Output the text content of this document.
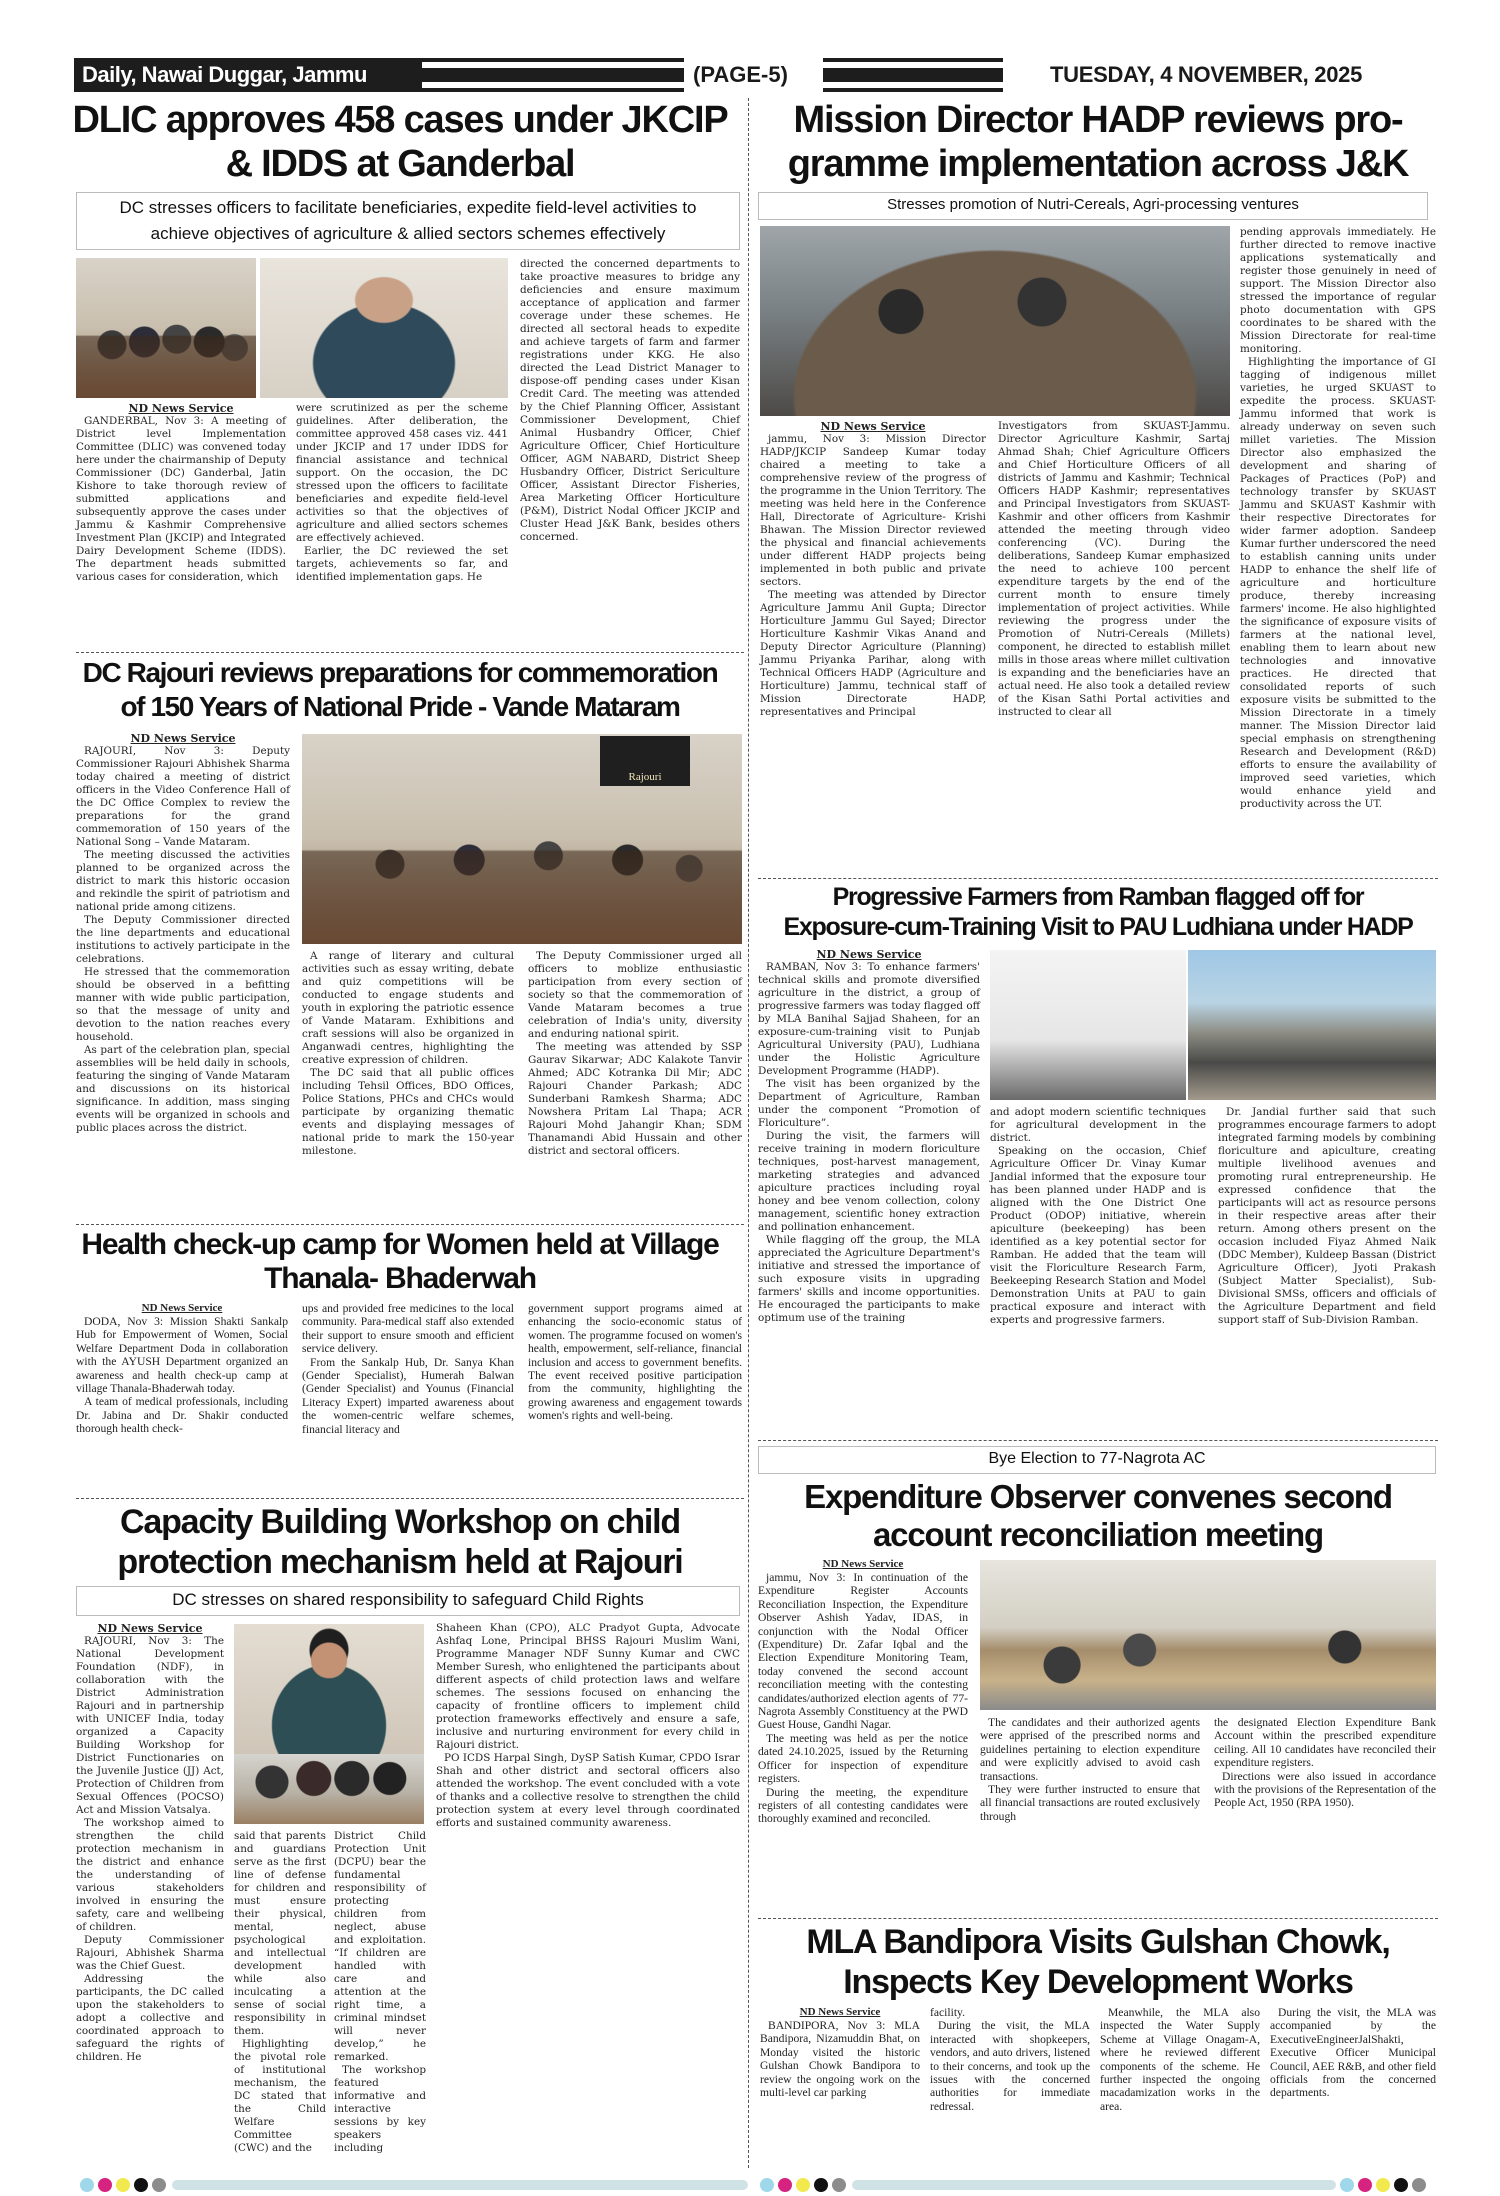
Daily, Nawai Duggar, Jammu	(PAGE-5)	TUESDAY, 4 NOVEMBER, 2025
DLIC approves 458 cases under JKCIP
& IDDS at Ganderbal
DC stresses officers to facilitate beneficiaries, expedite field-level activities to
achieve objectives of agriculture & allied sectors schemes effectively

ND News Service

GANDERBAL, Nov 3: A meeting of District level Implementation Committee (DLIC) was convened today here under the chairmanship of Deputy Commissioner (DC) Ganderbal, Jatin Kishore to take thorough review of submitted applications and subsequently approve the cases under Jammu & Kashmir Comprehensive Investment Plan (JKCIP) and Integrated Dairy Development Scheme (IDDS). The department heads submitted various cases for consideration, which

were scrutinized as per the scheme guidelines. After deliberation, the committee approved 458 cases viz. 441 under JKCIP and 17 under IDDS for financial assistance and technical support. On the occasion, the DC stressed upon the officers to facilitate beneficiaries and expedite field-level activities so that the objectives of agriculture and allied sectors schemes are effectively achieved.

Earlier, the DC reviewed the set targets, achievements so far, and identified implementation gaps. He

directed the concerned departments to take proactive measures to bridge any deficiencies and ensure maximum acceptance of application and farmer coverage under these schemes. He directed all sectoral heads to expedite and achieve targets of farm and farmer registrations under KKG. He also directed the Lead District Manager to dispose-off pending cases under Kisan Credit Card. The meeting was attended by the Chief Planning Officer, Assistant Commissioner Development, Chief Animal Husbandry Officer, Chief Agriculture Officer, Chief Horticulture Officer, AGM NABARD, District Sheep Husbandry Officer, District Sericulture Officer, Assistant Director Fisheries, Area Marketing Officer Horticulture (P&M), District Nodal Officer JKCIP and Cluster Head J&K Bank, besides others concerned.

DC Rajouri reviews preparations for commemoration
of 150 Years of National Pride - Vande Mataram

ND News Service

RAJOURI, Nov 3: Deputy Commissioner Rajouri Abhishek Sharma today chaired a meeting of district officers in the Video Conference Hall of the DC Office Complex to review the preparations for the grand commemoration of 150 years of the National Song – Vande Mataram.

The meeting discussed the activities planned to be organized across the district to mark this historic occasion and rekindle the spirit of patriotism and national pride among citizens.

The Deputy Commissioner directed the line departments and educational institutions to actively participate in the celebrations.

He stressed that the commemoration should be observed in a befitting manner with wide public participation, so that the message of unity and devotion to the nation reaches every household.

As part of the celebration plan, special assemblies will be held daily in schools, featuring the singing of Vande Mataram and discussions on its historical significance. In addition, mass singing events will be organized in schools and public places across the district.

Rajouri

A range of literary and cultural activities such as essay writing, debate and quiz competitions will be conducted to engage students and youth in exploring the patriotic essence of Vande Mataram. Exhibitions and craft sessions will also be organized in Anganwadi centres, highlighting the creative expression of children.

The DC said that all public offices including Tehsil Offices, BDO Offices, Police Stations, PHCs and CHCs would participate by organizing thematic events and displaying messages of national pride to mark the 150-year milestone.

The Deputy Commissioner urged all officers to moblize enthusiastic participation from every section of society so that the commemoration of Vande Mataram becomes a true celebration of India's unity, diversity and enduring national spirit.

The meeting was attended by SSP Gaurav Sikarwar; ADC Kalakote Tanvir Ahmed; ADC Kotranka Dil Mir; ADC Rajouri Chander Parkash; ADC Sunderbani Ramkesh Sharma; ADC Nowshera Pritam Lal Thapa; ACR Rajouri Mohd Jahangir Khan; SDM Thanamandi Abid Hussain and other district and sectoral officers.

Health check-up camp for Women held at Village
Thanala- Bhaderwah

ND News Service

DODA, Nov 3: Mission Shakti Sankalp Hub for Empowerment of Women, Social Welfare Department Doda in collaboration with the AYUSH Department organized an awareness and health check-up camp at village Thanala-Bhaderwah today.

A team of medical professionals, including Dr. Jabina and Dr. Shakir conducted thorough health check-

ups and provided free medicines to the local community. Para-medical staff also extended their support to ensure smooth and efficient service delivery.

From the Sankalp Hub, Dr. Sanya Khan (Gender Specialist), Humerah Balwan (Gender Specialist) and Younus (Financial Literacy Expert) imparted awareness about the women-centric welfare schemes, financial literacy and

government support programs aimed at enhancing the socio-economic status of women. The programme focused on women's health, empowerment, self-reliance, financial inclusion and access to government benefits. The event received positive participation from the community, highlighting the growing awareness and engagement towards women's rights and well-being.

Capacity Building Workshop on child
protection mechanism held at Rajouri
DC stresses on shared responsibility to safeguard Child Rights

ND News Service

RAJOURI, Nov 3: The National Development Foundation (NDF), in collaboration with the District Administration Rajouri and in partnership with UNICEF India, today organized a Capacity Building Workshop for District Functionaries on the Juvenile Justice (JJ) Act, Protection of Children from Sexual Offences (POCSO) Act and Mission Vatsalya.

The workshop aimed to strengthen the child protection mechanism in the district and enhance the understanding of various stakeholders involved in ensuring the safety, care and wellbeing of children.

Deputy Commissioner Rajouri, Abhishek Sharma was the Chief Guest.

Addressing the participants, the DC called upon the stakeholders to adopt a collective and coordinated approach to safeguard the rights of children. He

said that parents and guardians serve as the first line of defense for children and must ensure their physical, mental, psychological and intellectual development while also inculcating a sense of social responsibility in them.

Highlighting the pivotal role of institutional mechanism, the DC stated that the Child Welfare Committee (CWC) and the

District Child Protection Unit (DCPU) bear the fundamental responsibility of protecting children from neglect, abuse and exploitation. “If children are handled with care and attention at the right time, a criminal mindset will never develop,” he remarked.

The workshop featured informative and interactive sessions by key speakers including

Shaheen Khan (CPO), ALC Pradyot Gupta, Advocate Ashfaq Lone, Principal BHSS Rajouri Muslim Wani, Programme Manager NDF Sunny Kumar and CWC Member Suresh, who enlightened the participants about different aspects of child protection laws and welfare schemes. The sessions focused on enhancing the capacity of frontline officers to implement child protection frameworks effectively and ensure a safe, inclusive and nurturing environment for every child in Rajouri district.

PO ICDS Harpal Singh, DySP Satish Kumar, CPDO Israr Shah and other district and sectoral officers also attended the workshop. The event concluded with a vote of thanks and a collective resolve to strengthen the child protection system at every level through coordinated efforts and sustained community awareness.

Mission Director HADP reviews pro-
gramme implementation across J&K
Stresses promotion of Nutri-Cereals, Agri-processing ventures

ND News Service

jammu, Nov 3: Mission Director HADP/JKCIP Sandeep Kumar today chaired a meeting to take a comprehensive review of the progress of the programme in the Union Territory. The meeting was held here in the Conference Hall, Directorate of Agriculture- Krishi Bhawan. The Mission Director reviewed the physical and financial achievements under different HADP projects being implemented in both public and private sectors.

The meeting was attended by Director Agriculture Jammu Anil Gupta; Director Horticulture Jammu Gul Sayed; Director Horticulture Kashmir Vikas Anand and Deputy Director Agriculture (Planning) Jammu Priyanka Parihar, along with Technical Officers HADP (Agriculture and Horticulture) Jammu, technical staff of Mission Directorate HADP, representatives and Principal

Investigators from SKUAST-Jammu. Director Agriculture Kashmir, Sartaj Ahmad Shah; Chief Agriculture Officers and Chief Horticulture Officers of all districts of Jammu and Kashmir; Technical Officers HADP Kashmir; representatives and Principal Investigators from SKUAST-Kashmir and other officers from Kashmir attended the meeting through video conferencing (VC). During the deliberations, Sandeep Kumar emphasized the need to achieve 100 percent expenditure targets by the end of the current month to ensure timely implementation of project activities. While reviewing the progress under the Promotion of Nutri-Cereals (Millets) component, he directed to establish millet mills in those areas where millet cultivation is expanding and the beneficiaries have an actual need. He also took a detailed review of the Kisan Sathi Portal activities and instructed to clear all

pending approvals immediately. He further directed to remove inactive applications systematically and register those genuinely in need of support. The Mission Director also stressed the importance of regular photo documentation with GPS coordinates to be shared with the Mission Directorate for real-time monitoring.

Highlighting the importance of GI tagging of indigenous millet varieties, he urged SKUAST to expedite the process. SKUAST-Jammu informed that work is already underway on seven such millet varieties. The Mission Director also emphasized the development and sharing of Packages of Practices (PoP) and technology transfer by SKUAST Jammu and SKUAST Kashmir with their respective Directorates for wider farmer adoption. Sandeep Kumar further underscored the need to establish canning units under HADP to enhance the shelf life of agriculture and horticulture produce, thereby increasing farmers' income. He also highlighted the significance of exposure visits of farmers at the national level, enabling them to learn about new technologies and innovative practices. He directed that consolidated reports of such exposure visits be submitted to the Mission Directorate in a timely manner. The Mission Director laid special emphasis on strengthening Research and Development (R&D) efforts to ensure the availability of improved seed varieties, which would enhance yield and productivity across the UT.

Progressive Farmers from Ramban flagged off for
Exposure-cum-Training Visit to PAU Ludhiana under HADP

ND News Service

RAMBAN, Nov 3: To enhance farmers' technical skills and promote diversified agriculture in the district, a group of progressive farmers was today flagged off by MLA Banihal Sajjad Shaheen, for an exposure-cum-training visit to Punjab Agricultural University (PAU), Ludhiana under the Holistic Agriculture Development Programme (HADP).

The visit has been organized by the Department of Agriculture, Ramban under the component “Promotion of Floriculture”.

During the visit, the farmers will receive training in modern floriculture techniques, post-harvest management, marketing strategies and advanced apiculture practices including royal honey and bee venom collection, colony management, scientific honey extraction and pollination enhancement.

While flagging off the group, the MLA appreciated the Agriculture Department's initiative and stressed the importance of such exposure visits in upgrading farmers' skills and income opportunities. He encouraged the participants to make optimum use of the training

and adopt modern scientific techniques for agricultural development in the district.

Speaking on the occasion, Chief Agriculture Officer Dr. Vinay Kumar Jandial informed that the exposure tour has been planned under HADP and is aligned with the One District One Product (ODOP) initiative, wherein apiculture (beekeeping) has been identified as a key potential sector for Ramban. He added that the team will visit the Floriculture Research Farm, Beekeeping Research Station and Model Demonstration Units at PAU to gain practical exposure and interact with experts and progressive farmers.

Dr. Jandial further said that such programmes encourage farmers to adopt integrated farming models by combining floriculture and apiculture, creating multiple livelihood avenues and promoting rural entrepreneurship. He expressed confidence that the participants will act as resource persons in their respective areas after their return. Among others present on the occasion included Fiyaz Ahmed Naik (DDC Member), Kuldeep Bassan (District Agriculture Officer), Jyoti Prakash (Subject Matter Specialist), Sub-Divisional SMSs, officers and officials of the Agriculture Department and field support staff of Sub-Division Ramban.

Bye Election to 77-Nagrota AC
Expenditure Observer convenes second
account reconciliation meeting

ND News Service

jammu, Nov 3: In continuation of the Expenditure Register Accounts Reconciliation Inspection, the Expenditure Observer Ashish Yadav, IDAS, in conjunction with the Nodal Officer (Expenditure) Dr. Zafar Iqbal and the Election Expenditure Monitoring Team, today convened the second account reconciliation meeting with the contesting candidates/authorized election agents of 77-Nagrota Assembly Constituency at the PWD Guest House, Gandhi Nagar.

The meeting was held as per the notice dated 24.10.2025, issued by the Returning Officer for inspection of expenditure registers.

During the meeting, the expenditure registers of all contesting candidates were thoroughly examined and reconciled.

The candidates and their authorized agents were apprised of the prescribed norms and guidelines pertaining to election expenditure and were explicitly advised to avoid cash transactions.

They were further instructed to ensure that all financial transactions are routed exclusively through

the designated Election Expenditure Bank Account within the prescribed expenditure ceiling. All 10 candidates have reconciled their expenditure registers.

Directions were also issued in accordance with the provisions of the Representation of the People Act, 1950 (RPA 1950).

MLA Bandipora Visits Gulshan Chowk,
Inspects Key Development Works

ND News Service

BANDIPORA, Nov 3: MLA Bandipora, Nizamuddin Bhat, on Monday visited the historic Gulshan Chowk Bandipora to review the ongoing work on the multi-level car parking

facility.

During the visit, the MLA interacted with shopkeepers, vendors, and auto drivers, listened to their concerns, and took up the issues with the concerned authorities for immediate redressal.

Meanwhile, the MLA also inspected the Water Supply Scheme at Village Onagam-A, where he reviewed different components of the scheme. He further inspected the ongoing macadamization works in the area.

During the visit, the MLA was accompanied by the ExecutiveEngineerJalShakti, Executive Officer Municipal Council, AEE R&B, and other field officials from the concerned departments.
